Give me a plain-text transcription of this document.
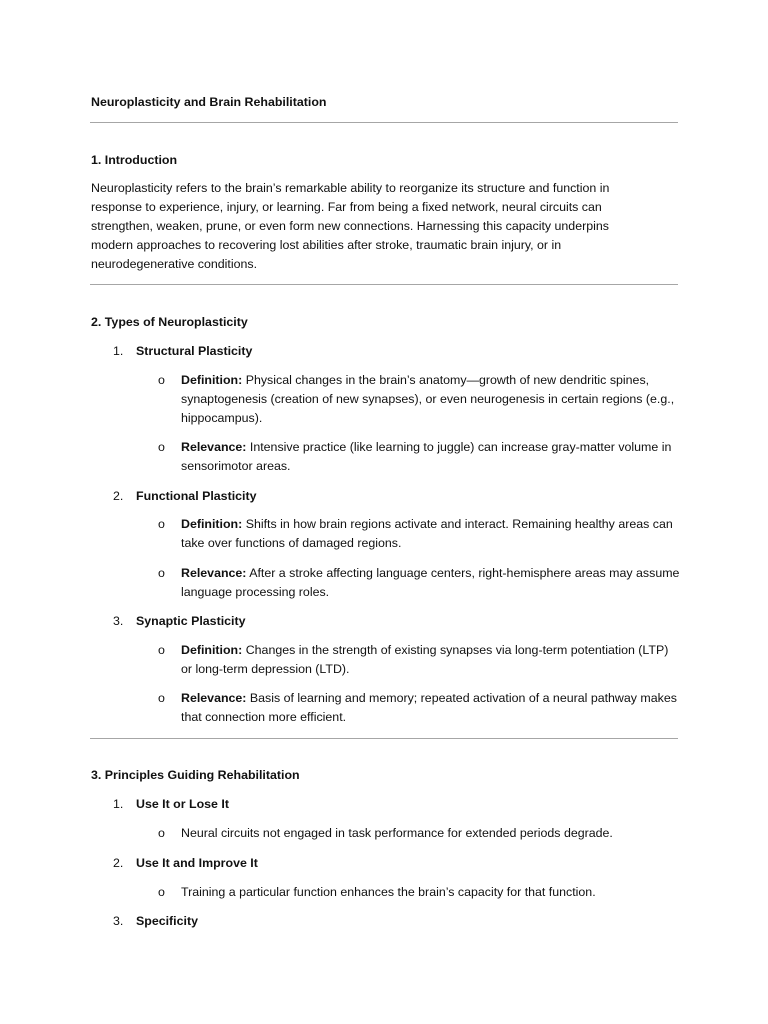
Neuroplasticity and Brain Rehabilitation
1. Introduction
Neuroplasticity refers to the brain’s remarkable ability to reorganize its structure and function in response to experience, injury, or learning. Far from being a fixed network, neural circuits can strengthen, weaken, prune, or even form new connections. Harnessing this capacity underpins modern approaches to recovering lost abilities after stroke, traumatic brain injury, or in neurodegenerative conditions.
2. Types of Neuroplasticity
1. Structural Plasticity
o Definition: Physical changes in the brain’s anatomy—growth of new dendritic spines, synaptogenesis (creation of new synapses), or even neurogenesis in certain regions (e.g., hippocampus).
o Relevance: Intensive practice (like learning to juggle) can increase gray-matter volume in sensorimotor areas.
2. Functional Plasticity
o Definition: Shifts in how brain regions activate and interact. Remaining healthy areas can take over functions of damaged regions.
o Relevance: After a stroke affecting language centers, right-hemisphere areas may assume language processing roles.
3. Synaptic Plasticity
o Definition: Changes in the strength of existing synapses via long-term potentiation (LTP) or long-term depression (LTD).
o Relevance: Basis of learning and memory; repeated activation of a neural pathway makes that connection more efficient.
3. Principles Guiding Rehabilitation
1. Use It or Lose It
o Neural circuits not engaged in task performance for extended periods degrade.
2. Use It and Improve It
o Training a particular function enhances the brain’s capacity for that function.
3. Specificity
